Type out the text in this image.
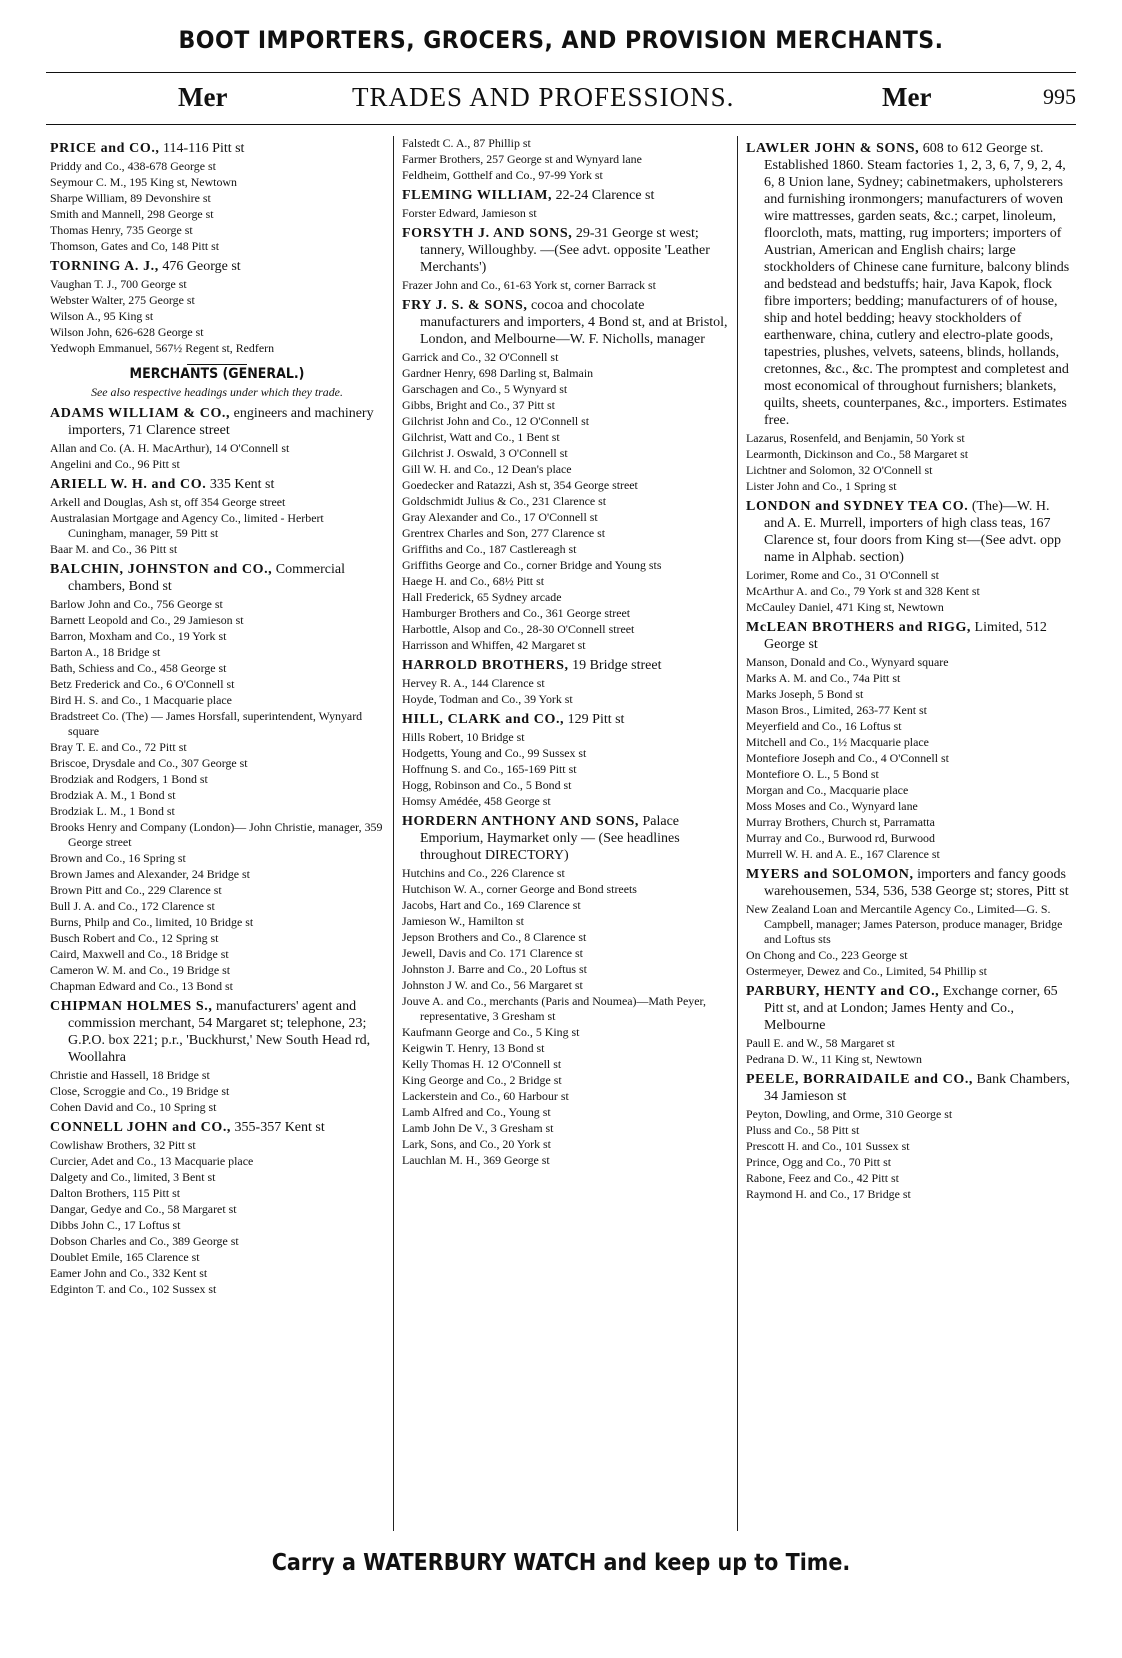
BOOT IMPORTERS, GROCERS, AND PROVISION MERCHANTS.
Mer	TRADES AND PROFESSIONS.	Mer	995
PRICE and CO., 114-116 Pitt st
Priddy and Co., 438-678 George st
Seymour C. M., 195 King st, Newtown
Sharpe William, 89 Devonshire st
Smith and Mannell, 298 George st
Thomas Henry, 735 George st
Thomson, Gates and Co, 148 Pitt st
TORNING A. J., 476 George st
Vaughan T. J., 700 George st
Webster Walter, 275 George st
Wilson A., 95 King st
Wilson John, 626-628 George st
Yedwoph Emmanuel, 567½ Regent st, Redfern
MERCHANTS (GENERAL.)
See also respective headings under which they trade.
ADAMS WILLIAM & CO., engineers and machinery importers, 71 Clarence street
Allan and Co. (A. H. MacArthur), 14 O'Connell st
Angelini and Co., 96 Pitt st
ARIELL W. H. and CO. 335 Kent st
Arkell and Douglas, Ash st, off 354 George street
Australasian Mortgage and Agency Co., limited - Herbert Cuningham, manager, 59 Pitt st
Baar M. and Co., 36 Pitt st
BALCHIN, JOHNSTON and CO., Commercial chambers, Bond st
Barlow John and Co., 756 George st
Barnett Leopold and Co., 29 Jamieson st
Barron, Moxham and Co., 19 York st
Barton A., 18 Bridge st
Bath, Schiess and Co., 458 George st
Betz Frederick and Co., 6 O'Connell st
Bird H. S. and Co., 1 Macquarie place
Bradstreet Co. (The) — James Horsfall, superintendent, Wynyard square
Bray T. E. and Co., 72 Pitt st
Briscoe, Drysdale and Co., 307 George st
Brodziak and Rodgers, 1 Bond st
Brodziak A. M., 1 Bond st
Brodziak L. M., 1 Bond st
Brooks Henry and Company (London)— John Christie, manager, 359 George street
Brown and Co., 16 Spring st
Brown James and Alexander, 24 Bridge st
Brown Pitt and Co., 229 Clarence st
Bull J. A. and Co., 172 Clarence st
Burns, Philp and Co., limited, 10 Bridge st
Busch Robert and Co., 12 Spring st
Caird, Maxwell and Co., 18 Bridge st
Cameron W. M. and Co., 19 Bridge st
Chapman Edward and Co., 13 Bond st
CHIPMAN HOLMES S., manufacturers' agent and commission merchant, 54 Margaret st; telephone, 23; G.P.O. box 221; p.r., 'Buckhurst,' New South Head rd, Woollahra
Christie and Hassell, 18 Bridge st
Close, Scroggie and Co., 19 Bridge st
Cohen David and Co., 10 Spring st
CONNELL JOHN and CO., 355-357 Kent st
Cowlishaw Brothers, 32 Pitt st
Curcier, Adet and Co., 13 Macquarie place
Dalgety and Co., limited, 3 Bent st
Dalton Brothers, 115 Pitt st
Dangar, Gedye and Co., 58 Margaret st
Dibbs John C., 17 Loftus st
Dobson Charles and Co., 389 George st
Doublet Emile, 165 Clarence st
Eamer John and Co., 332 Kent st
Edginton T. and Co., 102 Sussex st
Falstedt C. A., 87 Phillip st
Farmer Brothers, 257 George st and Wynyard lane
Feldheim, Gotthelf and Co., 97-99 York st
FLEMING WILLIAM, 22-24 Clarence st
Forster Edward, Jamieson st
FORSYTH J. AND SONS, 29-31 George st west; tannery, Willoughby. —(See advt. opposite 'Leather Merchants')
Frazer John and Co., 61-63 York st, corner Barrack st
FRY J. S. & SONS, cocoa and chocolate manufacturers and importers, 4 Bond st, and at Bristol, London, and Melbourne—W. F. Nicholls, manager
Garrick and Co., 32 O'Connell st
Gardner Henry, 698 Darling st, Balmain
Garschagen and Co., 5 Wynyard st
Gibbs, Bright and Co., 37 Pitt st
Gilchrist John and Co., 12 O'Connell st
Gilchrist, Watt and Co., 1 Bent st
Gilchrist J. Oswald, 3 O'Connell st
Gill W. H. and Co., 12 Dean's place
Goedecker and Ratazzi, Ash st, 354 George street
Goldschmidt Julius & Co., 231 Clarence st
Gray Alexander and Co., 17 O'Connell st
Grentrex Charles and Son, 277 Clarence st
Griffiths and Co., 187 Castlereagh st
Griffiths George and Co., corner Bridge and Young sts
Haege H. and Co., 68½ Pitt st
Hall Frederick, 65 Sydney arcade
Hamburger Brothers and Co., 361 George street
Harbottle, Alsop and Co., 28-30 O'Connell street
Harrisson and Whiffen, 42 Margaret st
HARROLD BROTHERS, 19 Bridge street
Hervey R. A., 144 Clarence st
Hoyde, Todman and Co., 39 York st
HILL, CLARK and CO., 129 Pitt st
Hills Robert, 10 Bridge st
Hodgetts, Young and Co., 99 Sussex st
Hoffnung S. and Co., 165-169 Pitt st
Hogg, Robinson and Co., 5 Bond st
Homsy Amédée, 458 George st
HORDERN ANTHONY AND SONS, Palace Emporium, Haymarket only — (See headlines throughout DIRECTORY)
Hutchins and Co., 226 Clarence st
Hutchison W. A., corner George and Bond streets
Jacobs, Hart and Co., 169 Clarence st
Jamieson W., Hamilton st
Jepson Brothers and Co., 8 Clarence st
Jewell, Davis and Co. 171 Clarence st
Johnston J. Barre and Co., 20 Loftus st
Johnston J W. and Co., 56 Margaret st
Jouve A. and Co., merchants (Paris and Noumea)—Math Peyer, representative, 3 Gresham st
Kaufmann George and Co., 5 King st
Keigwin T. Henry, 13 Bond st
Kelly Thomas H. 12 O'Connell st
King George and Co., 2 Bridge st
Lackerstein and Co., 60 Harbour st
Lamb Alfred and Co., Young st
Lamb John De V., 3 Gresham st
Lark, Sons, and Co., 20 York st
Lauchlan M. H., 369 George st
LAWLER JOHN & SONS, 608 to 612 George st. Established 1860. Steam factories 1, 2, 3, 6, 7, 9, 2, 4, 6, 8 Union lane, Sydney; cabinetmakers, upholsterers and furnishing ironmongers; manufacturers of woven wire mattresses, garden seats, &c.; carpet, linoleum, floorcloth, mats, matting, rug importers; importers of Austrian, American and English chairs; large stockholders of Chinese cane furniture, balcony blinds and bedstead and bedstuffs; hair, Java Kapok, flock fibre importers; bedding; manufacturers of of house, ship and hotel bedding; heavy stockholders of earthenware, china, cutlery and electro-plate goods, tapestries, plushes, velvets, sateens, blinds, hollands, cretonnes, &c., &c. The promptest and completest and most economical of throughout furnishers; blankets, quilts, sheets, counterpanes, &c., importers. Estimates free.
Lazarus, Rosenfeld, and Benjamin, 50 York st
Learmonth, Dickinson and Co., 58 Margaret st
Lichtner and Solomon, 32 O'Connell st
Lister John and Co., 1 Spring st
LONDON and SYDNEY TEA CO. (The)—W. H. and A. E. Murrell, importers of high class teas, 167 Clarence st, four doors from King st—(See advt. opp name in Alphab. section)
Lorimer, Rome and Co., 31 O'Connell st
McArthur A. and Co., 79 York st and 328 Kent st
McCauley Daniel, 471 King st, Newtown
McLEAN BROTHERS and RIGG, Limited, 512 George st
Manson, Donald and Co., Wynyard square
Marks A. M. and Co., 74a Pitt st
Marks Joseph, 5 Bond st
Mason Bros., Limited, 263-77 Kent st
Meyerfield and Co., 16 Loftus st
Mitchell and Co., 1½ Macquarie place
Montefiore Joseph and Co., 4 O'Connell st
Montefiore O. L., 5 Bond st
Morgan and Co., Macquarie place
Moss Moses and Co., Wynyard lane
Murray Brothers, Church st, Parramatta
Murray and Co., Burwood rd, Burwood
Murrell W. H. and A. E., 167 Clarence st
MYERS and SOLOMON, importers and fancy goods warehousemen, 534, 536, 538 George st; stores, Pitt st
New Zealand Loan and Mercantile Agency Co., Limited—G. S. Campbell, manager; James Paterson, produce manager, Bridge and Loftus sts
On Chong and Co., 223 George st
Ostermeyer, Dewez and Co., Limited, 54 Phillip st
PARBURY, HENTY and CO., Exchange corner, 65 Pitt st, and at London; James Henty and Co., Melbourne
Paull E. and W., 58 Margaret st
Pedrana D. W., 11 King st, Newtown
PEELE, BORRAIDAILE and CO., Bank Chambers, 34 Jamieson st
Peyton, Dowling, and Orme, 310 George st
Pluss and Co., 58 Pitt st
Prescott H. and Co., 101 Sussex st
Prince, Ogg and Co., 70 Pitt st
Rabone, Feez and Co., 42 Pitt st
Raymond H. and Co., 17 Bridge st
Carry a WATERBURY WATCH and keep up to Time.
